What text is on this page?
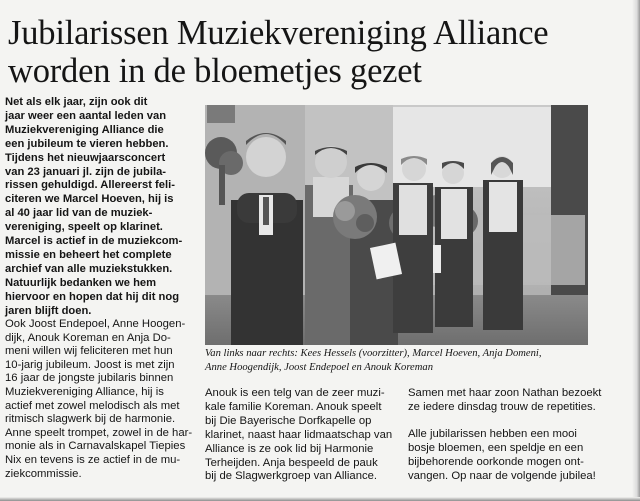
Jubilarissen Muziekvereniging Alliance
worden in de bloemetjes gezet
Net als elk jaar, zijn ook dit
jaar weer een aantal leden van
Muziekvereniging Alliance die
een jubileum te vieren hebben.
Tijdens het nieuwjaarsconcert
van 23 januari jl. zijn de jubila-
rissen gehuldigd. Allereerst feli-
citeren we Marcel Hoeven, hij is
al 40 jaar lid van de muziek-
vereniging, speelt op klarinet.
Marcel is actief in de muziekcom-
missie en beheert het complete
archief van alle muziekstukken.
Natuurlijk bedanken we hem
hiervoor en hopen dat hij dit nog
jaren blijft doen.
Ook Joost Endepoel, Anne Hoogen-
dijk, Anouk Koreman en Anja Do-
meni willen wij feliciteren met hun
10-jarig jubileum. Joost is met zijn
16 jaar de jongste jubilaris binnen
Muziekvereniging Alliance, hij is
actief met zowel melodisch als met
ritmisch slagwerk bij de harmonie.
Anne speelt trompet, zowel in de har-
monie als in Carnavalskapel Tiepies
Nix en tevens is ze actief in de mu-
ziekcommissie.
Van links naar rechts: Kees Hessels (voorzitter), Marcel Hoeven, Anja Domeni,
Anne Hoogendijk, Joost Endepoel en Anouk Koreman
Anouk is een telg van de zeer muzi-
kale familie Koreman. Anouk speelt
bij Die Bayerische Dorfkapelle op
klarinet, naast haar lidmaatschap van
Alliance is ze ook lid bij Harmonie
Terheijden. Anja bespeeld de pauk
bij de Slagwerkgroep van Alliance.
Samen met haar zoon Nathan bezoekt
ze iedere dinsdag trouw de repetities.
Alle jubilarissen hebben een mooi
bosje bloemen, een speldje en een
bijbehorende oorkonde mogen ont-
vangen. Op naar de volgende jubilea!
